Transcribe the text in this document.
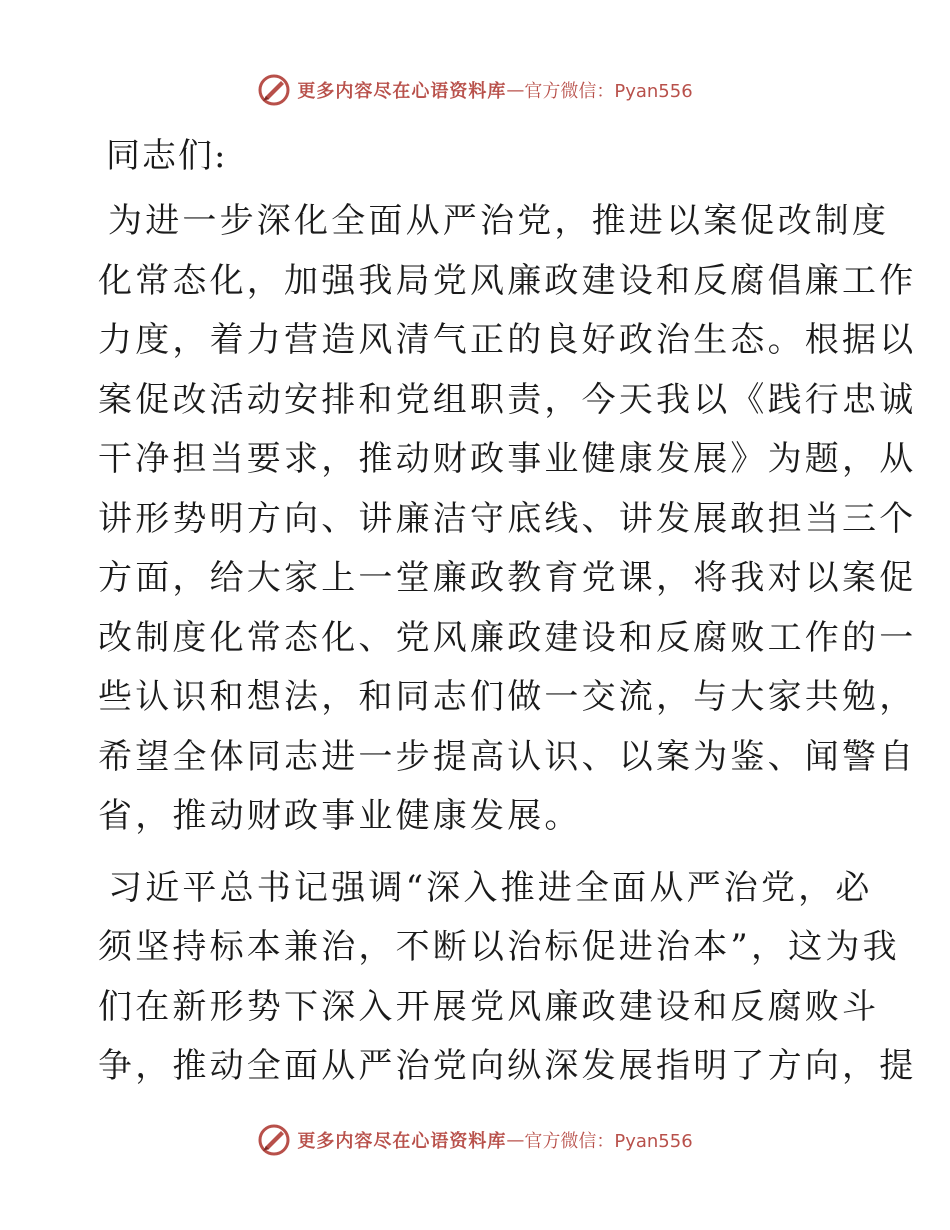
更多内容尽在心语资料库 — 官方微信：Pyan556
同志们:
为进一步深化全面从严治党，推进以案促改制度
化常态化，加强我局党风廉政建设和反腐倡廉工作
力度，着力营造风清气正的良好政治生态。根据以
案促改活动安排和党组职责，今天我以《践行忠诚
干净担当要求，推动财政事业健康发展》为题，从
讲形势明方向、讲廉洁守底线、讲发展敢担当三个
方面，给大家上一堂廉政教育党课，将我对以案促
改制度化常态化、党风廉政建设和反腐败工作的一
些认识和想法，和同志们做一交流，与大家共勉，
希望全体同志进一步提高认识、以案为鉴、闻警自
省，推动财政事业健康发展。
习近平总书记强调“深入推进全面从严治党，必
须坚持标本兼治，不断以治标促进治本”，这为我
们在新形势下深入开展党风廉政建设和反腐败斗
争，推动全面从严治党向纵深发展指明了方向，提
更多内容尽在心语资料库 — 官方微信：Pyan556
